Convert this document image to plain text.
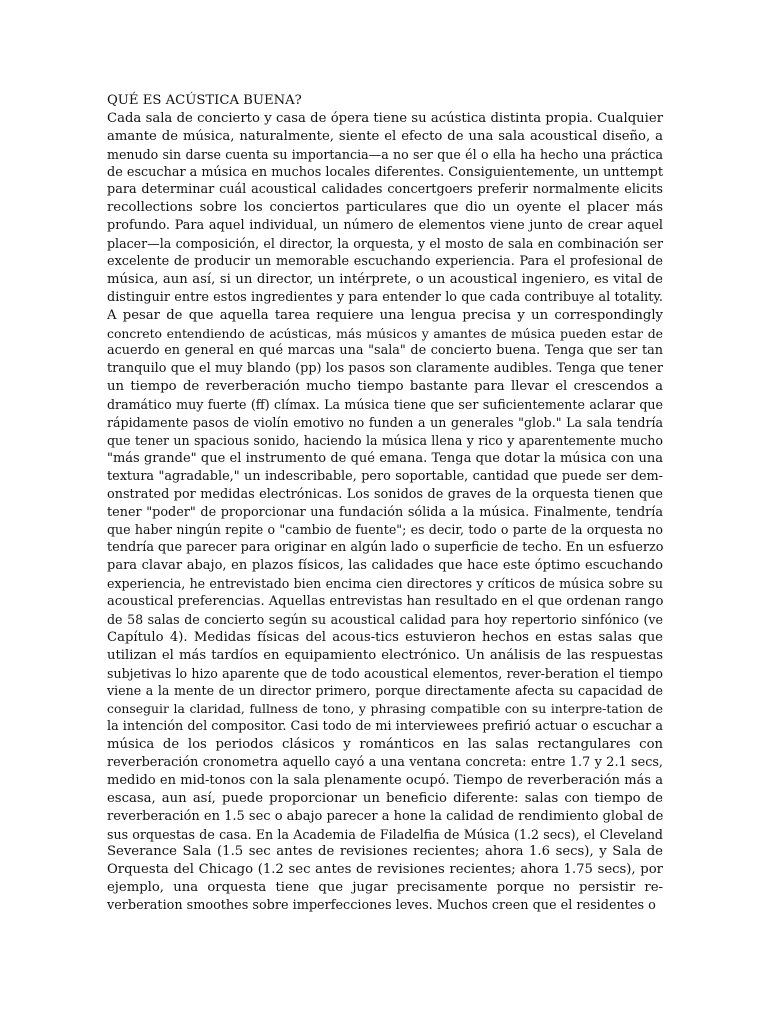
QUÉ ES ACÚSTICA BUENA?
Cada sala de concierto y casa de ópera tiene su acústica distinta propia. Cualquier
amante de música, naturalmente, siente el efecto de una sala acoustical diseño, a
menudo sin darse cuenta su importancia—a no ser que él o ella ha hecho una práctica
de escuchar a música en muchos locales diferentes. Consiguientemente, un unttempt
para determinar cuál acoustical calidades concertgoers preferir normalmente elicits
recollections sobre los conciertos particulares que dio un oyente el placer más
profundo. Para aquel individual, un número de elementos viene junto de crear aquel
placer—la composición, el director, la orquesta, y el mosto de sala en combinación ser
excelente de producir un memorable escuchando experiencia. Para el profesional de
música, aun así, si un director, un intérprete, o un acoustical ingeniero, es vital de
distinguir entre estos ingredientes y para entender lo que cada contribuye al totality.
A pesar de que aquella tarea requiere una lengua precisa y un correspondingly
concreto entendiendo de acústicas, más músicos y amantes de música pueden estar de
acuerdo en general en qué marcas una "sala" de concierto buena. Tenga que ser tan
tranquilo que el muy blando (pp) los pasos son claramente audibles. Tenga que tener
un tiempo de reverberación mucho tiempo bastante para llevar el crescendos a
dramático muy fuerte (ff) clímax. La música tiene que ser suficientemente aclarar que
rápidamente pasos de violín emotivo no funden a un generales "glob." La sala tendría
que tener un spacious sonido, haciendo la música llena y rico y aparentemente mucho
"más grande" que el instrumento de qué emana. Tenga que dotar la música con una
textura "agradable," un indescribable, pero soportable, cantidad que puede ser dem-
onstrated por medidas electrónicas. Los sonidos de graves de la orquesta tienen que
tener "poder" de proporcionar una fundación sólida a la música. Finalmente, tendría
que haber ningún repite o "cambio de fuente"; es decir, todo o parte de la orquesta no
tendría que parecer para originar en algún lado o superficie de techo. En un esfuerzo
para clavar abajo, en plazos físicos, las calidades que hace este óptimo escuchando
experiencia, he entrevistado bien encima cien directores y críticos de música sobre su
acoustical preferencias. Aquellas entrevistas han resultado en el que ordenan rango
de 58 salas de concierto según su acoustical calidad para hoy repertorio sinfónico (ve
Capítulo 4). Medidas físicas del acous-tics estuvieron hechos en estas salas que
utilizan el más tardíos en equipamiento electrónico. Un análisis de las respuestas
subjetivas lo hizo aparente que de todo acoustical elementos, rever-beration el tiempo
viene a la mente de un director primero, porque directamente afecta su capacidad de
conseguir la claridad, fullness de tono, y phrasing compatible con su interpre-tation de
la intención del compositor. Casi todo de mi interviewees prefirió actuar o escuchar a
música de los periodos clásicos y románticos en las salas rectangulares con
reverberación cronometra aquello cayó a una ventana concreta: entre 1.7 y 2.1 secs,
medido en mid-tonos con la sala plenamente ocupó. Tiempo de reverberación más a
escasa, aun así, puede proporcionar un beneficio diferente: salas con tiempo de
reverberación en 1.5 sec o abajo parecer a hone la calidad de rendimiento global de
sus orquestas de casa. En la Academia de Filadelfia de Música (1.2 secs), el Cleveland
Severance Sala (1.5 sec antes de revisiones recientes; ahora 1.6 secs), y Sala de
Orquesta del Chicago (1.2 sec antes de revisiones recientes; ahora 1.75 secs), por
ejemplo, una orquesta tiene que jugar precisamente porque no persistir re-
verberation smoothes sobre imperfecciones leves. Muchos creen que el residentes o
